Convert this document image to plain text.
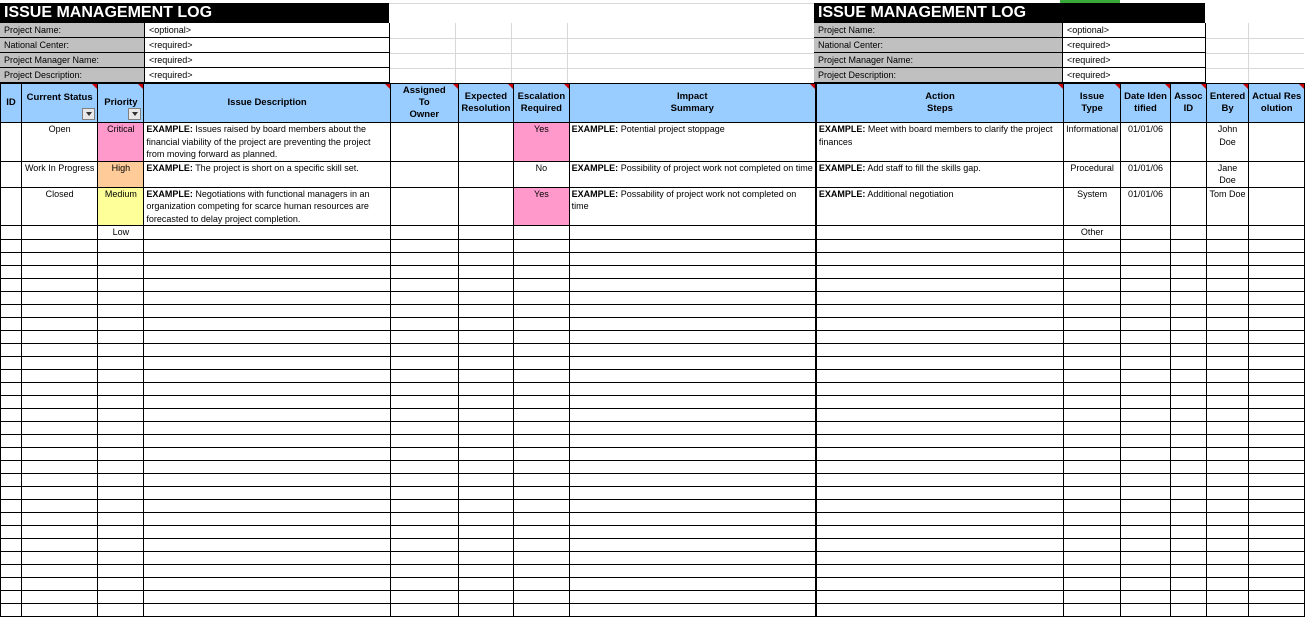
ISSUE MANAGEMENT LOG	ISSUE MANAGEMENT LOG
Project Name:	<optional>
National Center:	<required>
Project Manager Name:	<required>
Project Description:	<required>
Project Name:	<optional>
National Center:	<required>
Project Manager Name:	<required>
Project Description:	<required>
ID	Current Status	Priority	Issue Description	Assigned To Owner	Expected Resolution	Escalation Required	Impact Summary	Action Steps	Issue Type	Date Identified	Assoc ID	Entered By	Actual Resolution
	Open	Critical	EXAMPLE: Issues raised by board members about the financial viability of the project are preventing the project from moving forward as planned.			Yes	EXAMPLE: Potential project stoppage	EXAMPLE: Meet with board members to clarify the project finances	Informational	01/01/06		John Doe	
	Work In Progress	High	EXAMPLE: The project is short on a specific skill set.			No	EXAMPLE: Possibility of project work not completed on time	EXAMPLE: Add staff to fill the skills gap.	Procedural	01/01/06		Jane Doe	
	Closed	Medium	EXAMPLE: Negotiations with functional managers in an organization competing for scarce human resources are forecasted to delay project completion.			Yes	EXAMPLE: Possability of project work not completed on time	EXAMPLE: Additional negotiation	System	01/01/06		Tom Doe	
		Low							Other				
